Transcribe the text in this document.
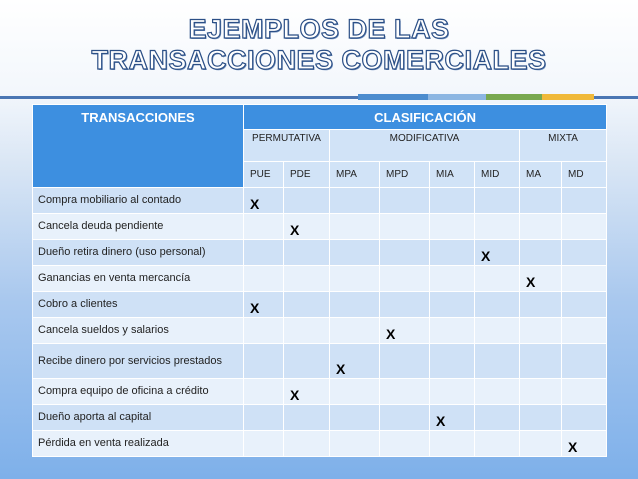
EJEMPLOS DE LAS
TRANSACCIONES COMERCIALES
TRANSACCIONES	CLASIFICACIÓN							
	PERMUTATIVA		MODIFICATIVA				MIXTA	
	PUE	PDE	MPA	MPD	MIA	MID	MA	MD
Compra mobiliario al contado	X							
Cancela deuda pendiente		X						
Dueño retira dinero (uso personal)						X		
Ganancias en venta mercancía							X	
Cobro a clientes	X							
Cancela sueldos y salarios				X				
Recibe dinero por servicios prestados			X					
Compra equipo de oficina a crédito		X						
Dueño aporta al capital					X			
Pérdida en venta realizada								X
